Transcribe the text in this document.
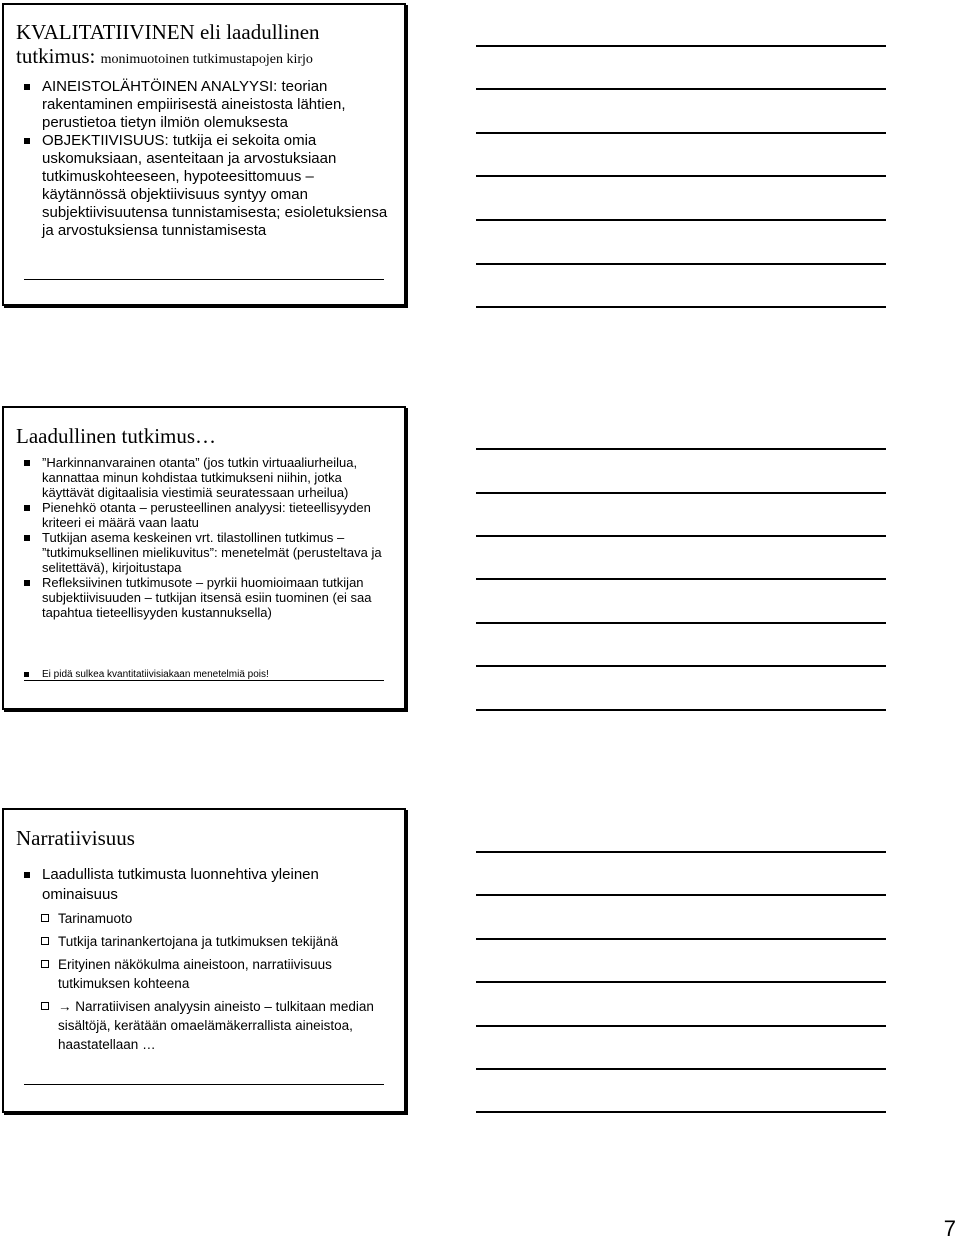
KVALITATIIVINEN eli laadullinen tutkimus: monimuotoinen tutkimustapojen kirjo
AINEISTOLÄHTÖINEN ANALYYSI: teorian rakentaminen empiirisestä aineistosta lähtien, perustietoa tietyn ilmiön olemuksesta
OBJEKTIIVISUUS: tutkija ei sekoita omia uskomuksiaan, asenteitaan ja arvostuksiaan tutkimuskohteeseen, hypoteesittomuus – käytännössä objektiivisuus syntyy oman subjektiivisuutensa tunnistamisesta; esioletuksiensa ja arvostuksiensa tunnistamisesta
Laadullinen tutkimus…
”Harkinnanvarainen otanta” (jos tutkin virtuaaliurheilua, kannattaa minun kohdistaa tutkimukseni niihin, jotka käyttävät digitaalisia viestimiä seuratessaan urheilua)
Pienehkö otanta – perusteellinen analyysi: tieteellisyyden kriteeri ei määrä vaan laatu
Tutkijan asema keskeinen vrt. tilastollinen tutkimus – ”tutkimuksellinen mielikuvitus”: menetelmät (perusteltava ja selitettävä), kirjoitustapa
Refleksiivinen tutkimusote – pyrkii huomioimaan tutkijan subjektiivisuuden – tutkijan itsensä esiin tuominen (ei saa tapahtua tieteellisyyden kustannuksella)
Ei pidä sulkea kvantitatiivisiakaan menetelmiä pois!
Narratiivisuus
Laadullista tutkimusta luonnehtiva yleinen ominaisuus
Tarinamuoto
Tutkija tarinankertojana ja tutkimuksen tekijänä
Erityinen näkökulma aineistoon, narratiivisuus tutkimuksen kohteena
→ Narratiivisen analyysin aineisto – tulkitaan median sisältöjä, kerätään omaelämäkerrallista aineistoa, haastatellaan …
7
